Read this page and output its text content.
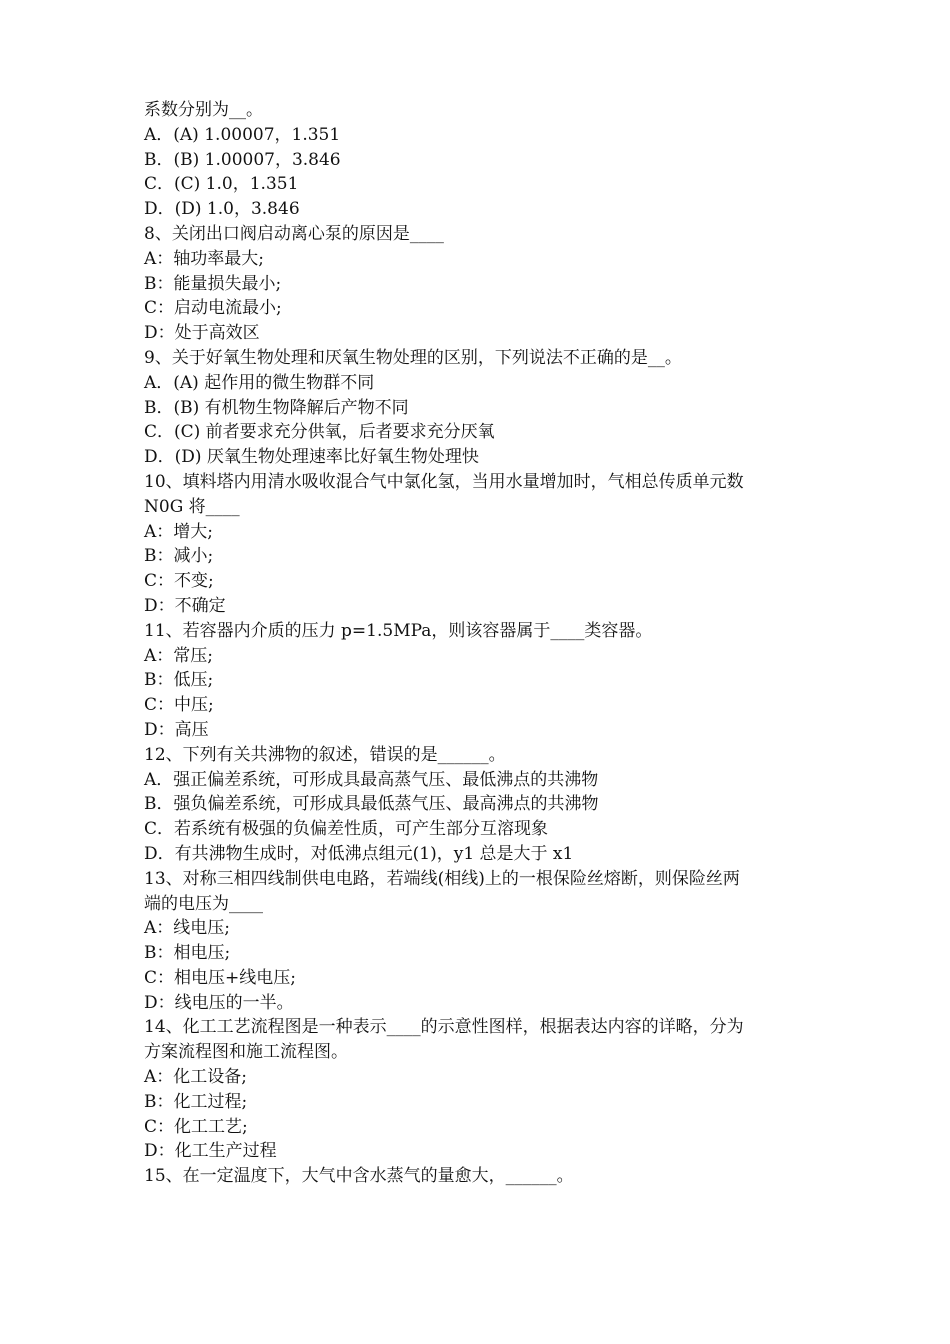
系数分别为__。
A．(A) 1.00007，1.351
B．(B) 1.00007，3.846
C．(C) 1.0，1.351
D．(D) 1.0，3.846
8、关闭出口阀启动离心泵的原因是____
A：轴功率最大;
B：能量损失最小;
C：启动电流最小;
D：处于高效区
9、关于好氧生物处理和厌氧生物处理的区别，下列说法不正确的是__。
A．(A) 起作用的微生物群不同
B．(B) 有机物生物降解后产物不同
C．(C) 前者要求充分供氧，后者要求充分厌氧
D．(D) 厌氧生物处理速率比好氧生物处理快
10、填料塔内用清水吸收混合气中氯化氢，当用水量增加时，气相总传质单元数
N0G 将____
A：增大;
B：减小;
C：不变;
D：不确定
11、若容器内介质的压力 p=1.5MPa，则该容器属于____类容器。
A：常压;
B：低压;
C：中压;
D：高压
12、下列有关共沸物的叙述，错误的是______。
A．强正偏差系统，可形成具最高蒸气压、最低沸点的共沸物
B．强负偏差系统，可形成具最低蒸气压、最高沸点的共沸物
C．若系统有极强的负偏差性质，可产生部分互溶现象
D．有共沸物生成时，对低沸点组元(1)，y1 总是大于 x1
13、对称三相四线制供电电路，若端线(相线)上的一根保险丝熔断，则保险丝两
端的电压为____
A：线电压;
B：相电压;
C：相电压+线电压;
D：线电压的一半。
14、化工工艺流程图是一种表示____的示意性图样，根据表达内容的详略，分为
方案流程图和施工流程图。
A：化工设备;
B：化工过程;
C：化工工艺;
D：化工生产过程
15、在一定温度下，大气中含水蒸气的量愈大，______。
